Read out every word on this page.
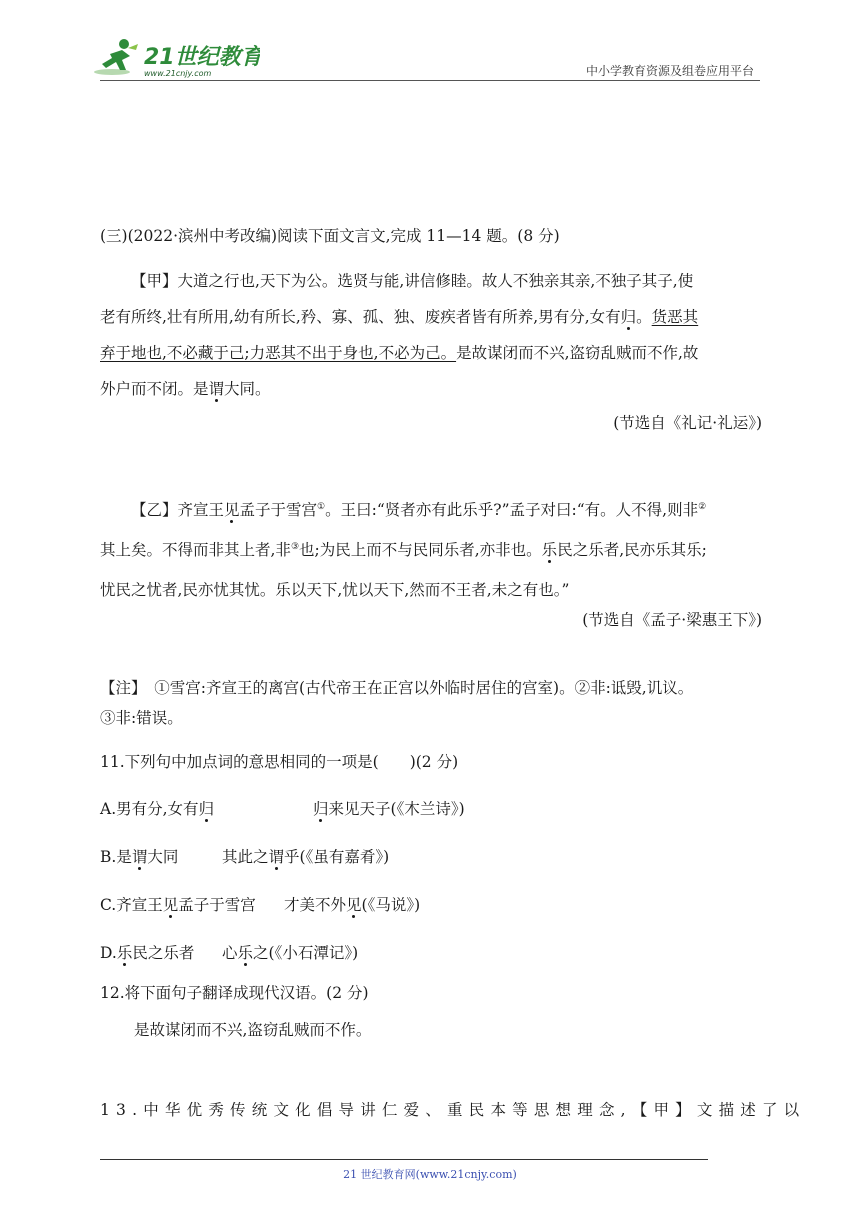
21世纪教育
www.21cnjy.com	中小学教育资源及组卷应用平台

(三)(2022·滨州中考改编)阅读下面文言文,完成 11—14 题。(8 分)

【甲】大道之行也,天下为公。选贤与能,讲信修睦。故人不独亲其亲,不独子其子,使

老有所终,壮有所用,幼有所长,矜、寡、孤、独、废疾者皆有所养,男有分,女有归。货恶其

弃于地也,不必藏于己;力恶其不出于身也,不必为己。是故谋闭而不兴,盗窃乱贼而不作,故

外户而不闭。是谓大同。

(节选自《礼记·礼运》)

【乙】齐宣王见孟子于雪宫①。王曰:“贤者亦有此乐乎?”孟子对曰:“有。人不得,则非②

其上矣。不得而非其上者,非③也;为民上而不与民同乐者,亦非也。乐民之乐者,民亦乐其乐;

忧民之忧者,民亦忧其忧。乐以天下,忧以天下,然而不王者,未之有也。”

(节选自《孟子·梁惠王下》)

【注】　①雪宫:齐宣王的离宫(古代帝王在正宫以外临时居住的宫室)。②非:诋毁,讥议。

③非:错误。

11.下列句中加点词的意思相同的一项是(　　)(2 分)
A.男有分,女有归	归来见天子(《木兰诗》)
B.是谓大同	其此之谓乎(《虽有嘉肴》)
C.齐宣王见孟子于雪宫 才美不外见(《马说》)
D.乐民之乐者 心乐之(《小石潭记》)
12.将下面句子翻译成现代汉语。(2 分)
是故谋闭而不兴,盗窃乱贼而不作。
13.中华优秀传统文化倡导讲仁爱、重民本等思想理念,【甲】文描述了以
21 世纪教育网(www.21cnjy.com)
